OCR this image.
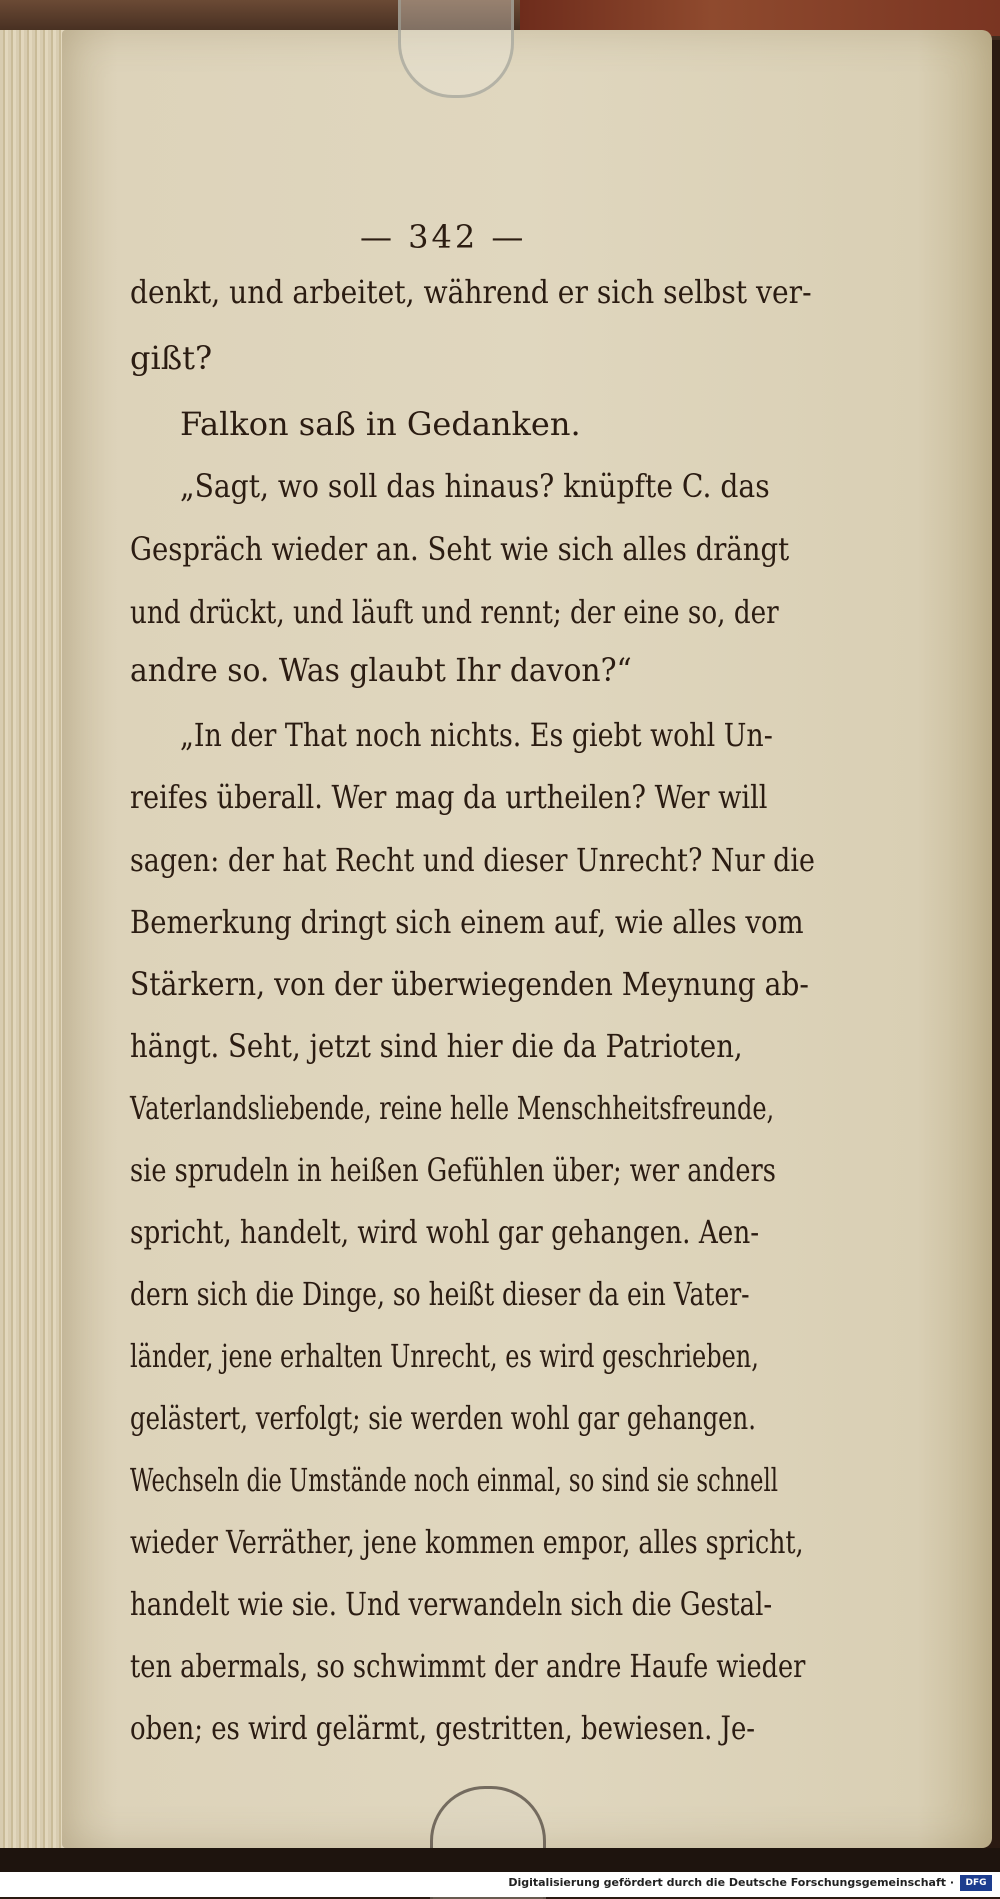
— 342 —
denkt, und arbeitet, während er sich selbst ver-
gißt?
Falkon saß in Gedanken.
„Sagt, wo soll das hinaus? knüpfte C. das
Gespräch wieder an. Seht wie sich alles drängt
und drückt, und läuft und rennt; der eine so, der
andre so. Was glaubt Ihr davon?“
„In der That noch nichts. Es giebt wohl Un-
reifes überall. Wer mag da urtheilen? Wer will
sagen: der hat Recht und dieser Unrecht? Nur die
Bemerkung dringt sich einem auf, wie alles vom
Stärkern, von der überwiegenden Meynung ab-
hängt. Seht, jetzt sind hier die da Patrioten,
Vaterlandsliebende, reine helle Menschheitsfreunde,
sie sprudeln in heißen Gefühlen über; wer anders
spricht, handelt, wird wohl gar gehangen. Aen-
dern sich die Dinge, so heißt dieser da ein Vater-
länder, jene erhalten Unrecht, es wird geschrieben,
gelästert, verfolgt; sie werden wohl gar gehangen.
Wechseln die Umstände noch einmal, so sind sie schnell
wieder Verräther, jene kommen empor, alles spricht,
handelt wie sie. Und verwandeln sich die Gestal-
ten abermals, so schwimmt der andre Haufe wieder
oben; es wird gelärmt, gestritten, bewiesen. Je-
Digitalisierung gefördert durch die Deutsche Forschungsgemeinschaft ·	DFG
